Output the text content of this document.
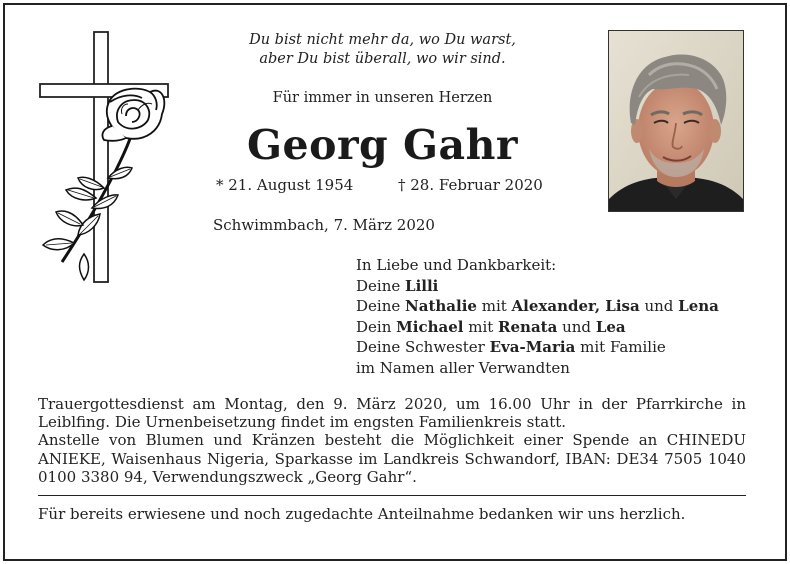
Du bist nicht mehr da, wo Du warst,
aber Du bist überall, wo wir sind.
Für immer in unseren Herzen
Georg Gahr
* 21. August 1954	† 28. Februar 2020
Schwimmbach, 7. März 2020
In Liebe und Dankbarkeit:
Deine Lilli
Deine Nathalie mit Alexander, Lisa und Lena
Dein Michael mit Renata und Lea
Deine Schwester Eva-Maria mit Familie
im Namen aller Verwandten

Trauergottesdienst am Montag, den 9. März 2020, um 16.00 Uhr in der Pfarrkirche in Leiblfing. Die Urnenbeisetzung findet im engsten Familienkreis statt.

Anstelle von Blumen und Kränzen besteht die Möglichkeit einer Spende an CHINEDU ANIEKE, Waisenhaus Nigeria, Sparkasse im Landkreis Schwandorf, IBAN: DE34 7505 1040 0100 3380 94, Verwendungszweck „Georg Gahr“.

Für bereits erwiesene und noch zugedachte Anteilnahme bedanken wir uns herzlich.
